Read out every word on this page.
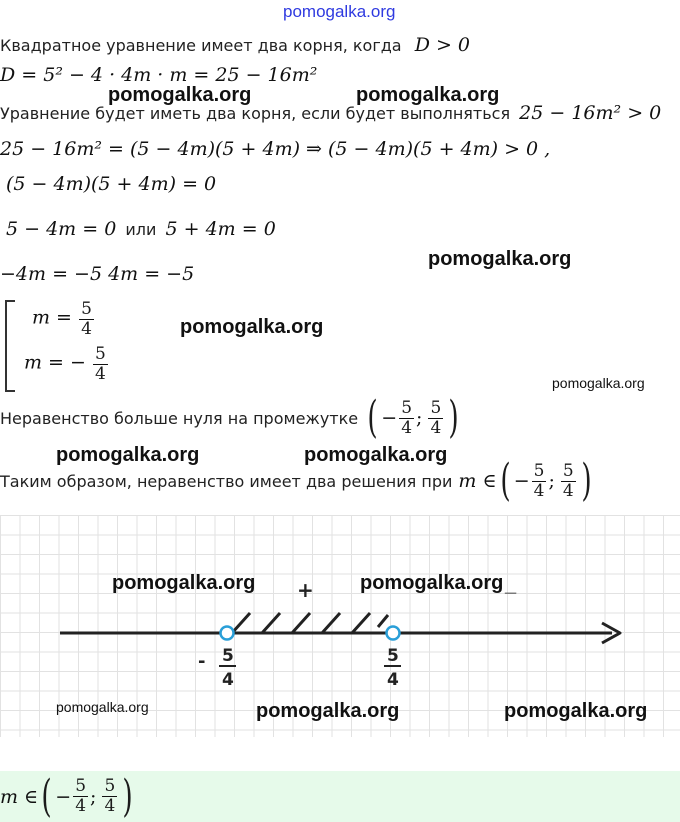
pomogalka.org
Квадратное уравнение имеет два корня, когда D > 0
D = 5² − 4 · 4m · m = 25 − 16m²
Уравнение будет иметь два корня, если будет выполняться 25 − 16m² > 0
25 − 16m² = (5 − 4m)(5 + 4m) ⇒ (5 − 4m)(5 + 4m) > 0 ,
(5 − 4m)(5 + 4m) = 0
5 − 4m = 0 или 5 + 4m = 0
−4m = −5 4m = −5
$m = \frac{5}{4}$
m = − $\frac{5}{4}$
Неравенство больше нуля на промежутке ( − $\frac{5}{4}$ ; $\frac{5}{4}$ )
Таким образом, неравенство имеет два решения при m ∈ ( − $\frac{5}{4}$ ; $\frac{5}{4}$ )
+
- 5
4
5
4
pomogalka.org	pomogalka.org
pomogalka.org
pomogalka.org
pomogalka.org
pomogalka.org	pomogalka.org
pomogalka.org	pomogalka.org _
pomogalka.org	pomogalka.org	pomogalka.org
m ∈ ( − $\frac{5}{4}$ ; $\frac{5}{4}$ )
